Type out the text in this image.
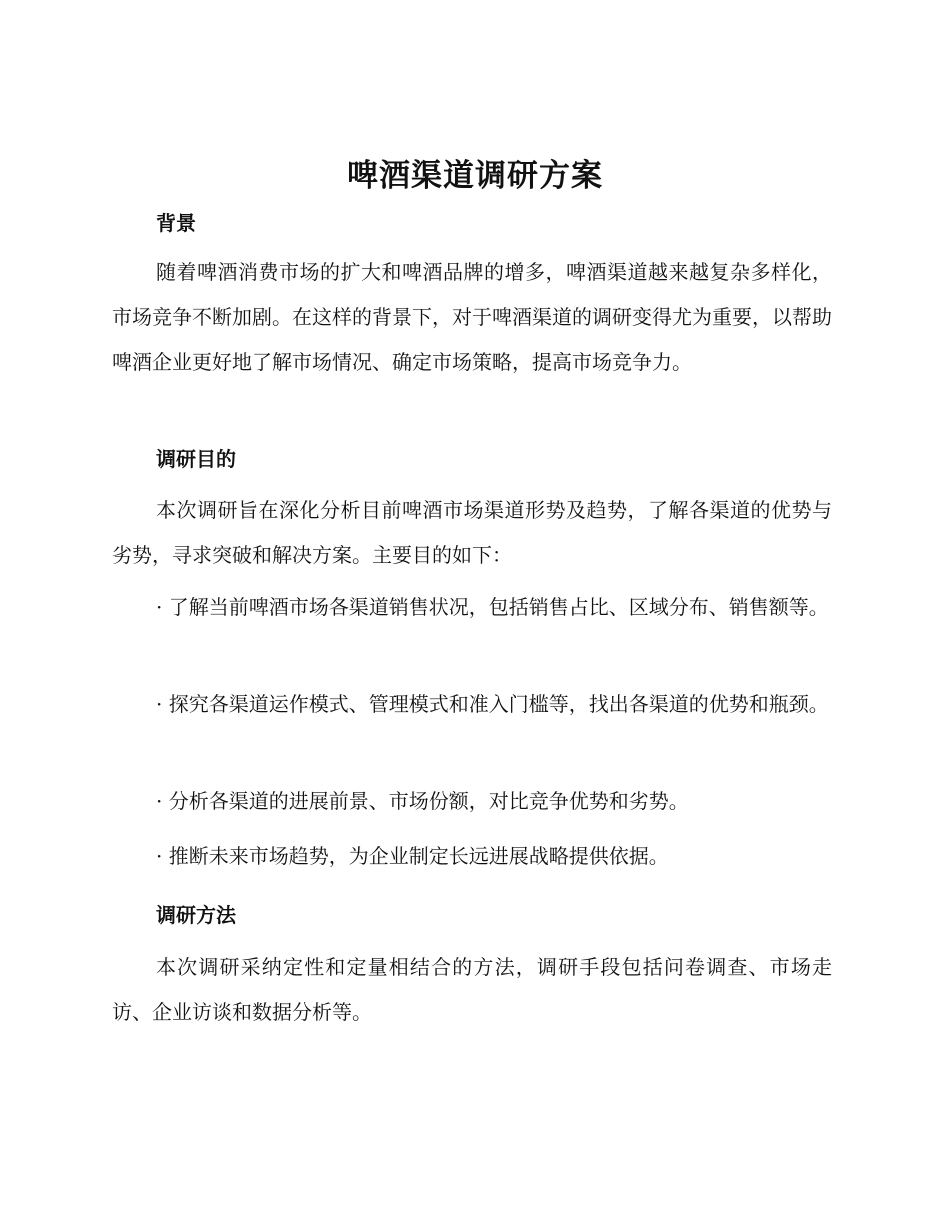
啤酒渠道调研方案
背景
随着啤酒消费市场的扩大和啤酒品牌的增多，啤酒渠道越来越复杂多样化，市场竞争不断加剧。在这样的背景下，对于啤酒渠道的调研变得尤为重要，以帮助啤酒企业更好地了解市场情况、确定市场策略，提高市场竞争力。
调研目的
本次调研旨在深化分析目前啤酒市场渠道形势及趋势，了解各渠道的优势与劣势，寻求突破和解决方案。主要目的如下：
· 了解当前啤酒市场各渠道销售状况，包括销售占比、区域分布、销售额等。
· 探究各渠道运作模式、管理模式和准入门槛等，找出各渠道的优势和瓶颈。
· 分析各渠道的进展前景、市场份额，对比竞争优势和劣势。
· 推断未来市场趋势，为企业制定长远进展战略提供依据。
调研方法
本次调研采纳定性和定量相结合的方法，调研手段包括问卷调查、市场走访、企业访谈和数据分析等。
